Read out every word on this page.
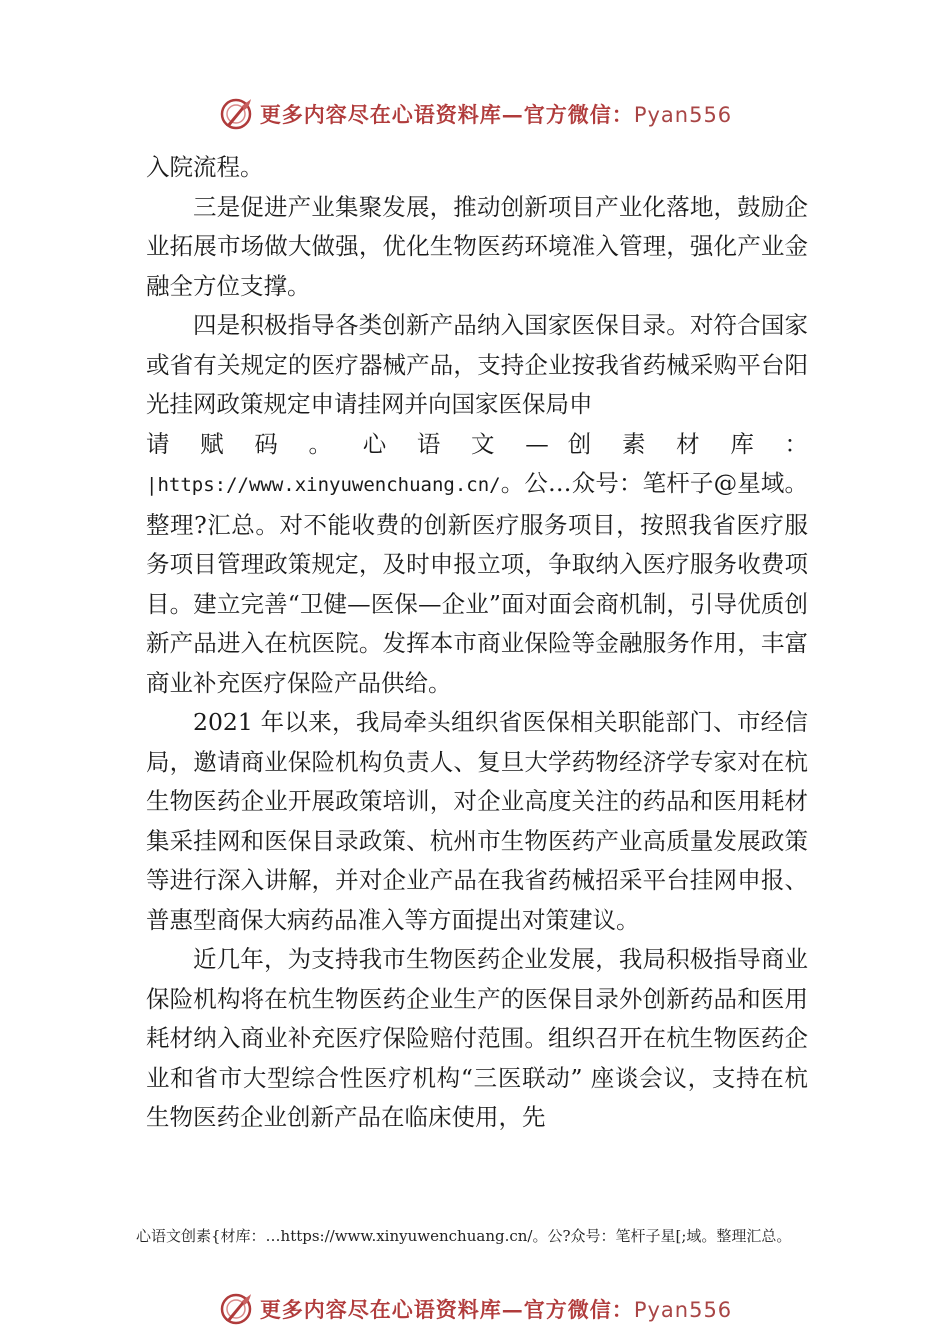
更多内容尽在心语资料库—官方微信：Pyan556

入院流程。

三是促进产业集聚发展，推动创新项目产业化落地，鼓励企业拓展市场做大做强，优化生物医药环境准入管理，强化产业金融全方位支撑。

四是积极指导各类创新产品纳入国家医保目录。对符合国家或省有关规定的医疗器械产品，支持企业按我省药械采购平台阳光挂网政策规定申请挂网并向国家医保局申

请 赋 码 。 心 语 文 — 创 素 材 库 ：

|https://www.xinyuwenchuang.cn/。公…众号：笔杆子@星域。整理?汇总。对不能收费的创新医疗服务项目，按照我省医疗服务项目管理政策规定，及时申报立项，争取纳入医疗服务收费项目。建立完善“卫健—医保—企业”面对面会商机制，引导优质创新产品进入在杭医院。发挥本市商业保险等金融服务作用，丰富商业补充医疗保险产品供给。

2021 年以来，我局牵头组织省医保相关职能部门、市经信局，邀请商业保险机构负责人、复旦大学药物经济学专家对在杭生物医药企业开展政策培训，对企业高度关注的药品和医用耗材集采挂网和医保目录政策、杭州市生物医药产业高质量发展政策等进行深入讲解，并对企业产品在我省药械招采平台挂网申报、普惠型商保大病药品准入等方面提出对策建议。

近几年，为支持我市生物医药企业发展，我局积极指导商业保险机构将在杭生物医药企业生产的医保目录外创新药品和医用耗材纳入商业补充医疗保险赔付范围。组织召开在杭生物医药企业和省市大型综合性医疗机构“三医联动” 座谈会议，支持在杭生物医药企业创新产品在临床使用，先

心语文创素{材库：…https://www.xinyuwenchuang.cn/。公?众号：笔杆子星[;域。整理汇总。
更多内容尽在心语资料库—官方微信：Pyan556
